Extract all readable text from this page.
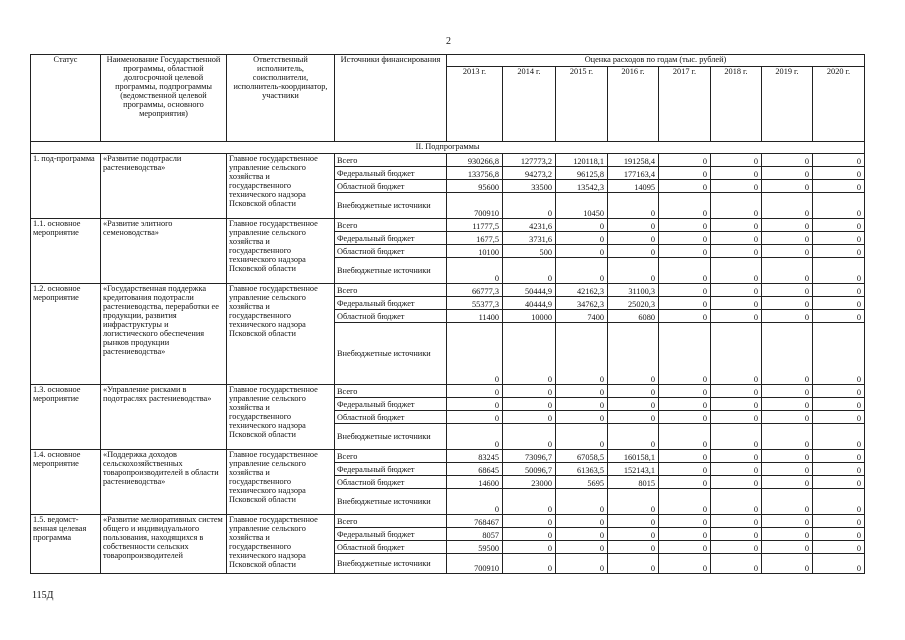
2
Статус	Наименование Государственной программы, областной долгосрочной целевой программы, подпрограммы (ведомственной целевой программы, основного мероприятия)	Ответственный исполнитель, соисполнители, исполнитель-координатор, участники	Источники финансирования	Оценка расходов по годам (тыс. рублей)							
				2013 г.	2014 г.	2015 г.	2016 г.	2017 г.	2018 г.	2019 г.	2020 г.
II. Подпрограммы											
1. под-программа	«Развитие подотрасли растениеводства»	Главное государственное управление сельского хозяйства и государственного технического надзора Псковской области	Всего	930266,8	127773,2	120118,1	191258,4	0	0	0	0
			Федеральный бюджет	133756,8	94273,2	96125,8	177163,4	0	0	0	0
			Областной бюджет	95600	33500	13542,3	14095	0	0	0	0
			Внебюджетные источники	700910	0	10450	0	0	0	0	0
1.1. основное мероприятие	«Развитие элитного семеноводства»	Главное государственное управление сельского хозяйства и государственного технического надзора Псковской области	Всего	11777,5	4231,6	0	0	0	0	0	0
			Федеральный бюджет	1677,5	3731,6	0	0	0	0	0	0
			Областной бюджет	10100	500	0	0	0	0	0	0
			Внебюджетные источники	0	0	0	0	0	0	0	0
1.2. основное мероприятие	«Государственная поддержка кредитования подотрасли растениеводства, переработки ее продукции, развития инфраструктуры и логистического обеспечения рынков продукции растениеводства»	Главное государственное управление сельского хозяйства и государственного технического надзора Псковской области	Всего	66777,3	50444,9	42162,3	31100,3	0	0	0	0
			Федеральный бюджет	55377,3	40444,9	34762,3	25020,3	0	0	0	0
			Областной бюджет	11400	10000	7400	6080	0	0	0	0
			Внебюджетные источники	0	0	0	0	0	0	0	0
1.3. основное мероприятие	«Управление рисками в подотраслях растениеводства»	Главное государственное управление сельского хозяйства и государственного технического надзора Псковской области	Всего	0	0	0	0	0	0	0	0
			Федеральный бюджет	0	0	0	0	0	0	0	0
			Областной бюджет	0	0	0	0	0	0	0	0
			Внебюджетные источники	0	0	0	0	0	0	0	0
1.4. основное мероприятие	«Поддержка доходов сельскохозяйственных товаропроизводителей в области растениеводства»	Главное государственное управление сельского хозяйства и государственного технического надзора Псковской области	Всего	83245	73096,7	67058,5	160158,1	0	0	0	0
			Федеральный бюджет	68645	50096,7	61363,5	152143,1	0	0	0	0
			Областной бюджет	14600	23000	5695	8015	0	0	0	0
			Внебюджетные источники	0	0	0	0	0	0	0	0
1.5. ведомст-венная целевая программа	«Развитие мелиоративных систем общего и индивидуального пользования, находящихся в собственности сельских товаропроизводителей	Главное государственное управление сельского хозяйства и государственного технического надзора Псковской области	Всего	768467	0	0	0	0	0	0	0
			Федеральный бюджет	8057	0	0	0	0	0	0	0
			Областной бюджет	59500	0	0	0	0	0	0	0
			Внебюджетные источники	700910	0	0	0	0	0	0	0
115Д
